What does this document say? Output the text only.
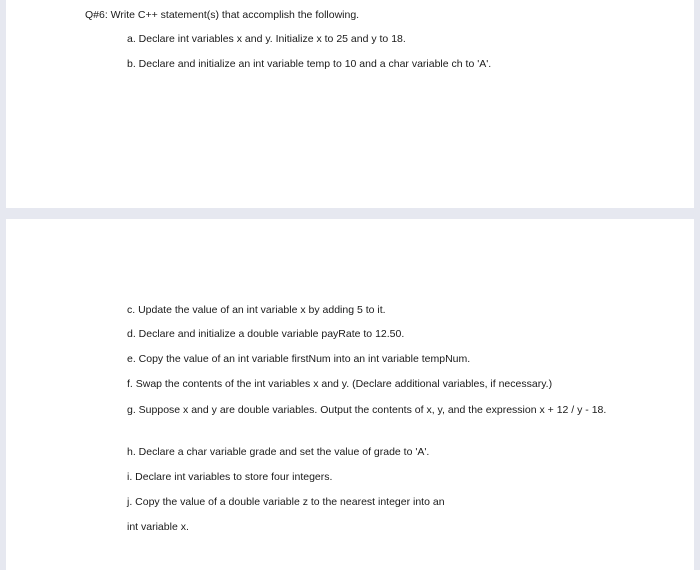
Q#6: Write C++ statement(s) that accomplish the following.

a. Declare int variables x and y. Initialize x to 25 and y to 18.

b. Declare and initialize an int variable temp to 10 and a char variable ch to 'A'.

c. Update the value of an int variable x by adding 5 to it.

d. Declare and initialize a double variable payRate to 12.50.

e. Copy the value of an int variable firstNum into an int variable tempNum.

f. Swap the contents of the int variables x and y. (Declare additional variables, if necessary.)

g. Suppose x and y are double variables. Output the contents of x, y, and the expression x + 12 / y - 18.

h. Declare a char variable grade and set the value of grade to 'A'.

i. Declare int variables to store four integers.

j. Copy the value of a double variable z to the nearest integer into an

int variable x.
